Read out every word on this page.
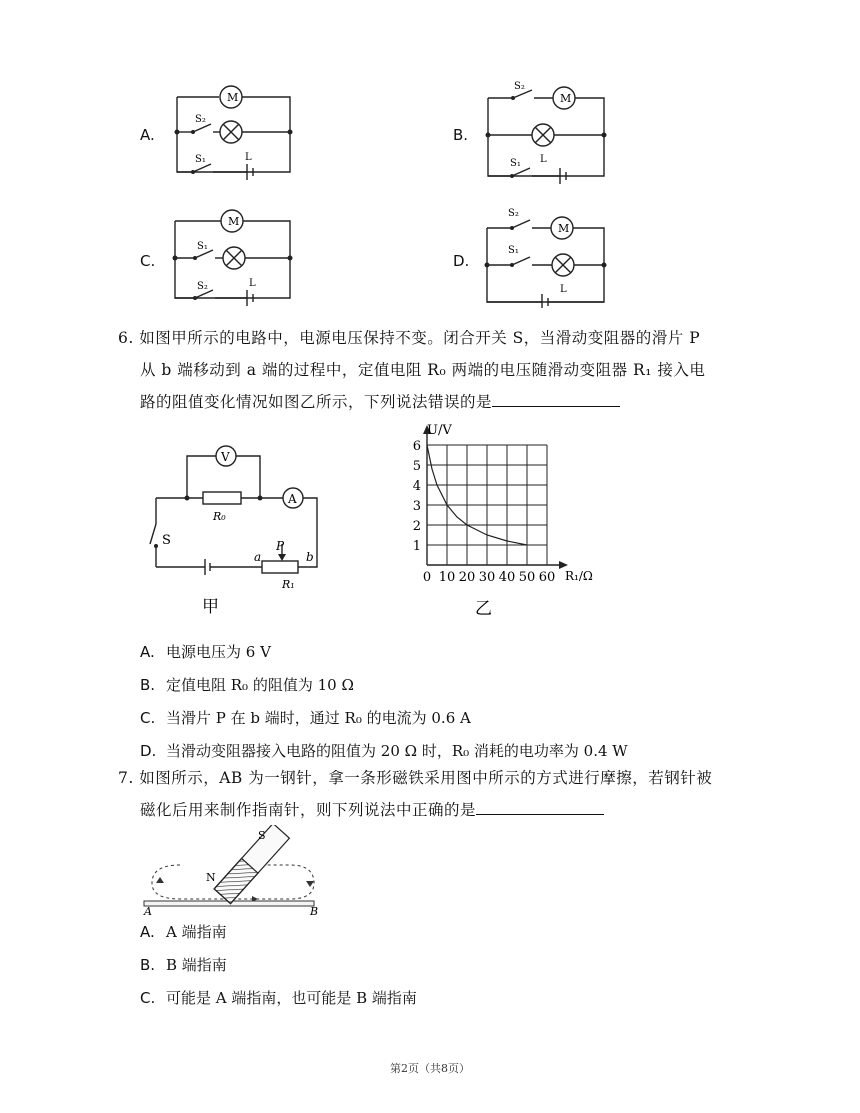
A.
M
S₂
S₁	L
B.
M
S₂
S₁ L
C.
M
S₁
S₂	L
D.
M
S₂
S₁
L
6. 如图甲所示的电路中，电源电压保持不变。闭合开关 S，当滑动变阻器的滑片 P
从 b 端移动到 a 端的过程中，定值电阻 R₀ 两端的电压随滑动变阻器 R₁ 接入电
路的阻值变化情况如图乙所示，下列说法错误的是
V
A
R₀
S	P
a	b
R₁
甲
0 10 20 30 40 50 60
1
2
3
4
5
6
U/V
R₁/Ω
乙
A. 电源电压为 6 V
B. 定值电阻 R₀ 的阻值为 10 Ω
C. 当滑片 P 在 b 端时，通过 R₀ 的电流为 0.6 A
D. 当滑动变阻器接入电路的阻值为 20 Ω 时，R₀ 消耗的电功率为 0.4 W
7. 如图所示，AB 为一钢针，拿一条形磁铁采用图中所示的方式进行摩擦，若钢针被
磁化后用来制作指南针，则下列说法中正确的是
S
N
A	B
A. A 端指南
B. B 端指南
C. 可能是 A 端指南，也可能是 B 端指南
第2页（共8页）
